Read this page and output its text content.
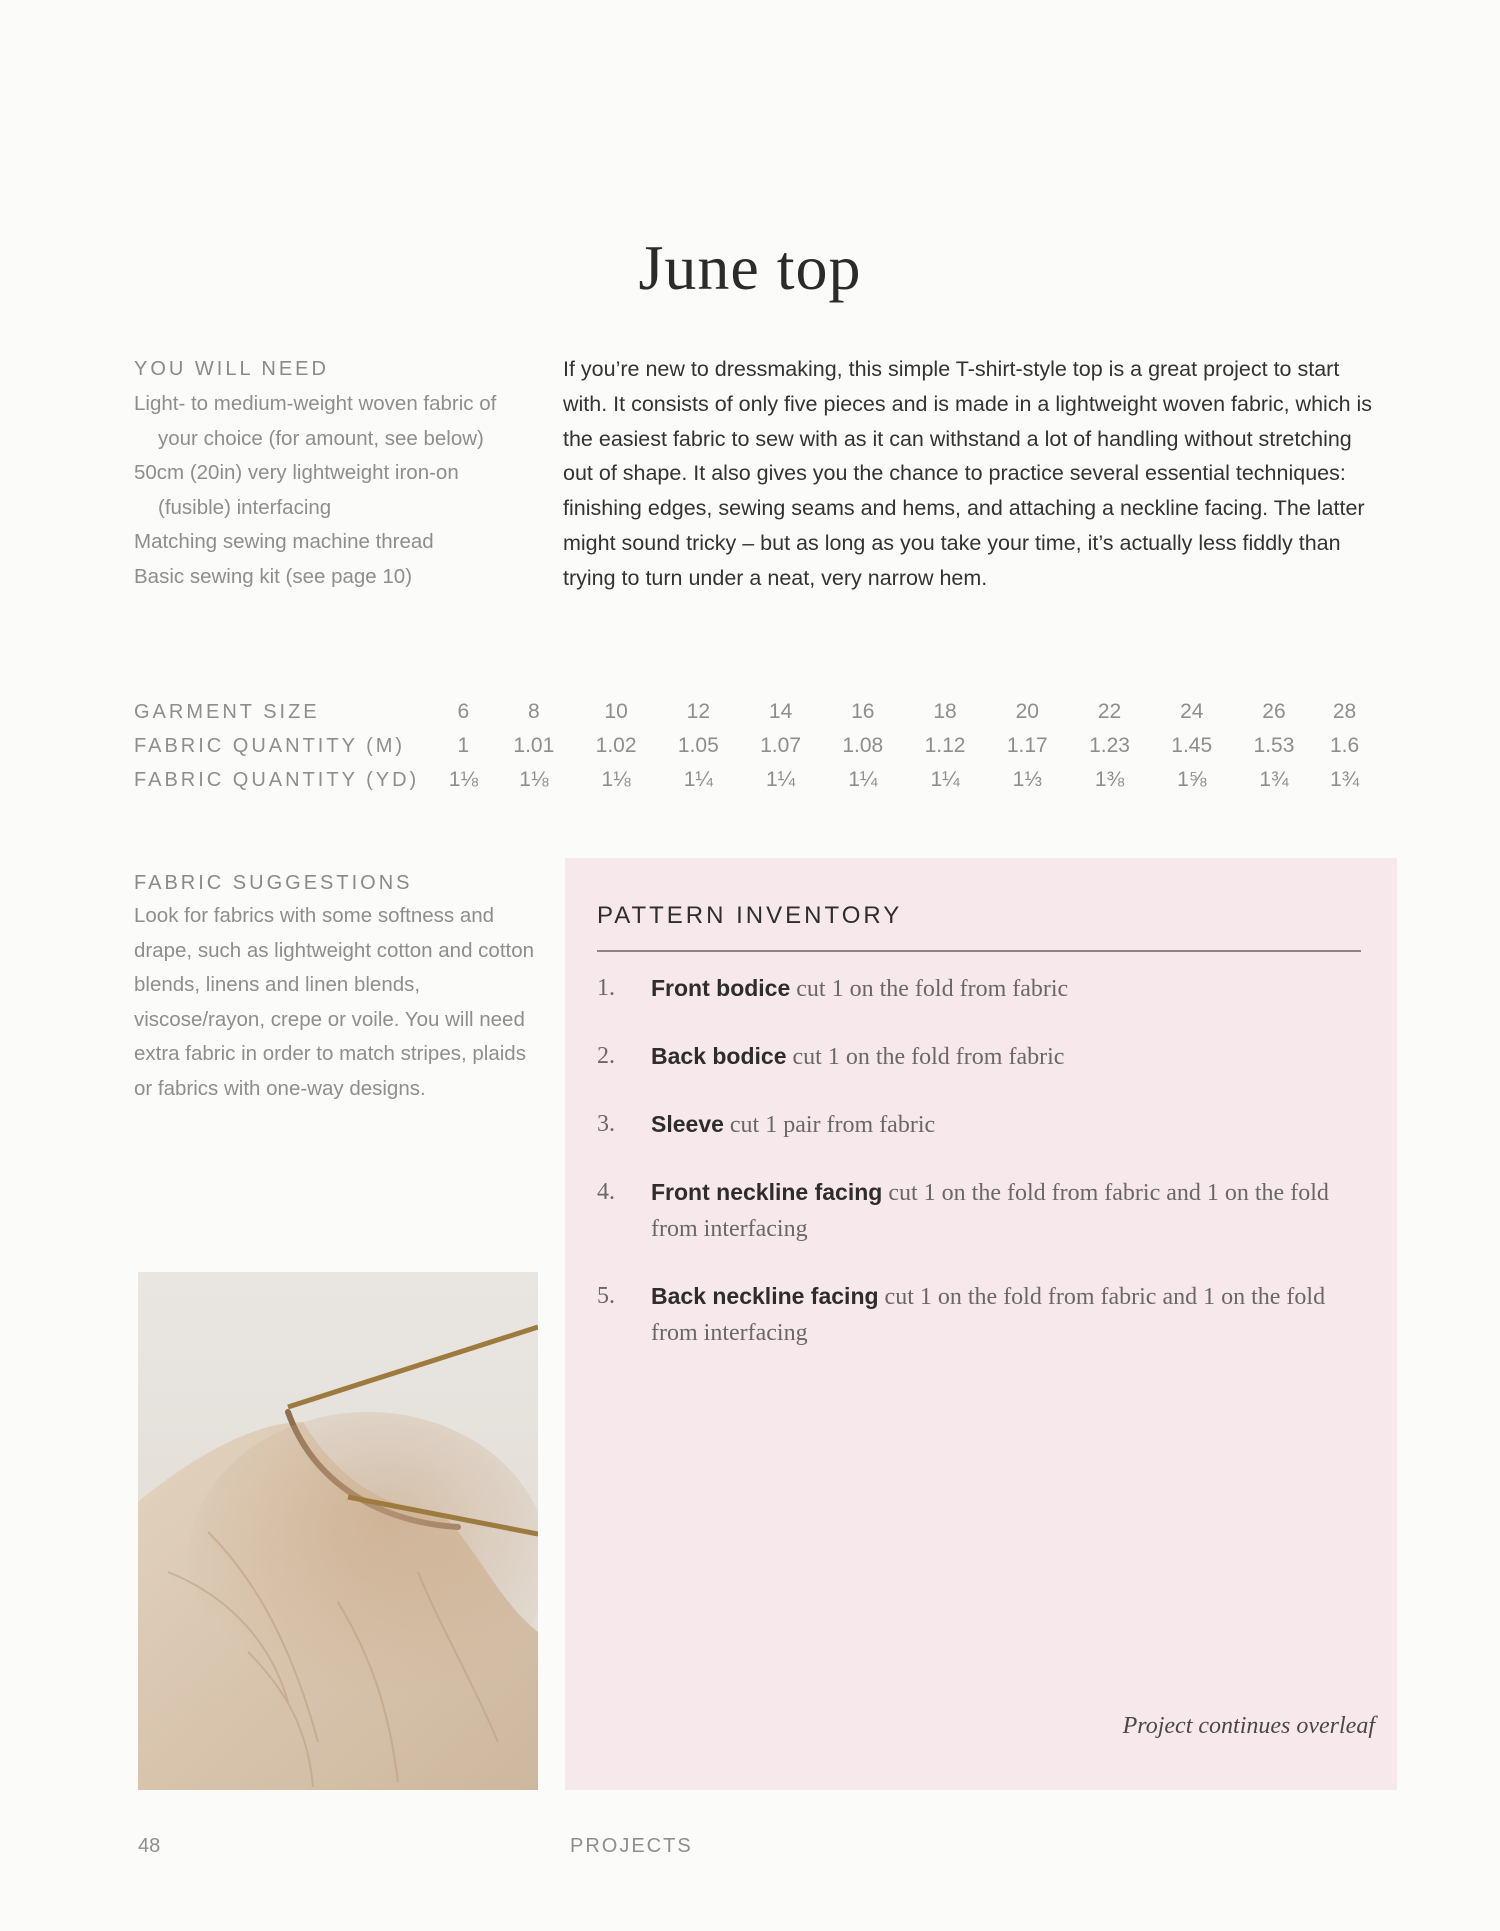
June top
YOU WILL NEED
Light- to medium-weight woven fabric of your choice (for amount, see below)
50cm (20in) very lightweight iron-on (fusible) interfacing
Matching sewing machine thread
Basic sewing kit (see page 10)

If you’re new to dressmaking, this simple T-shirt-style top is a great project to start with. It consists of only five pieces and is made in a lightweight woven fabric, which is the easiest fabric to sew with as it can withstand a lot of handling without stretching out of shape. It also gives you the chance to practice several essential techniques: finishing edges, sewing seams and hems, and attaching a neckline facing. The latter might sound tricky – but as long as you take your time, it’s actually less fiddly than trying to turn under a neat, very narrow hem.

GARMENT SIZE	6	8	10	12	14	16	18	20	22	24	26	28
FABRIC QUANTITY (M)	1	1.01	1.02	1.05	1.07	1.08	1.12	1.17	1.23	1.45	1.53	1.6
FABRIC QUANTITY (YD)	1⅛	1⅛	1⅛	1¼	1¼	1¼	1¼	1⅓	1⅜	1⅝	1¾	1¾
FABRIC SUGGESTIONS

Look for fabrics with some softness and drape, such as lightweight cotton and cotton blends, linens and linen blends, viscose/rayon, crepe or voile. You will need extra fabric in order to match stripes, plaids or fabrics with one-way designs.

PATTERN INVENTORY
1. Front bodice cut 1 on the fold from fabric
2. Back bodice cut 1 on the fold from fabric
3. Sleeve cut 1 pair from fabric
4. Front neckline facing cut 1 on the fold from fabric and 1 on the fold from interfacing
5. Back neckline facing cut 1 on the fold from fabric and 1 on the fold from interfacing
Project continues overleaf
48	PROJECTS
